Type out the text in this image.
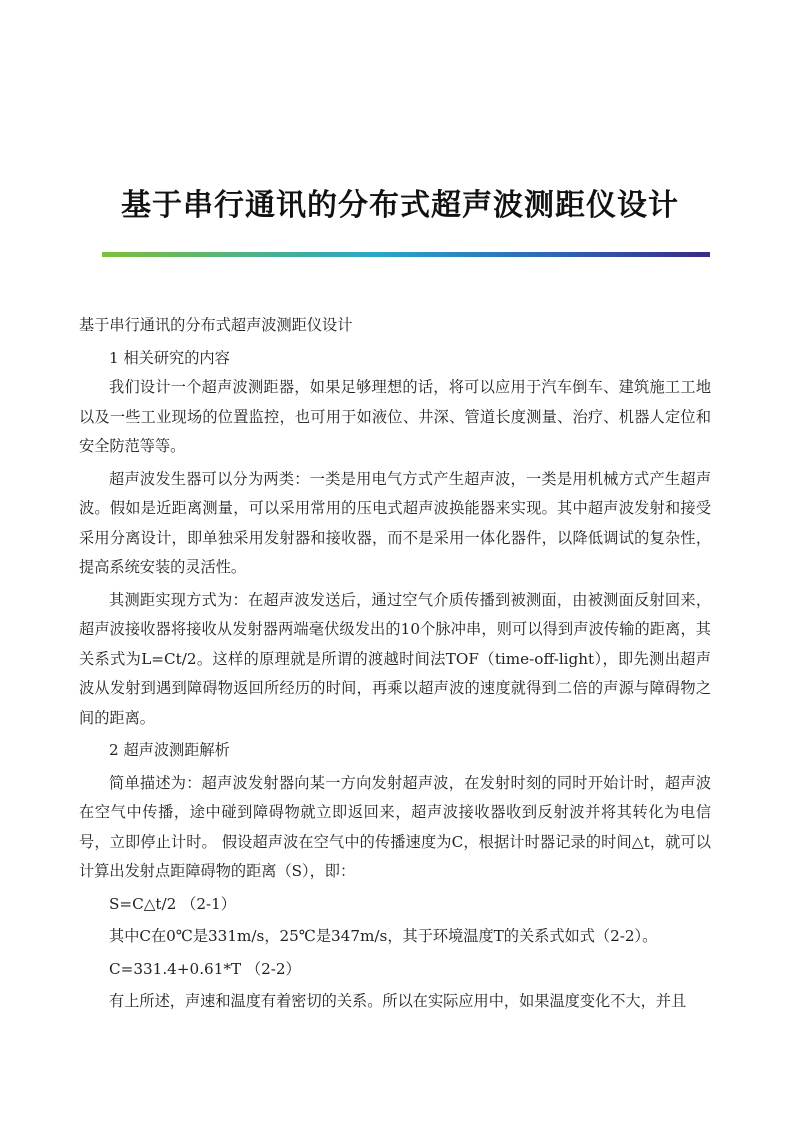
基于串行通讯的分布式超声波测距仪设计

基于串行通讯的分布式超声波测距仪设计

1 相关研究的内容

我们设计一个超声波测距器，如果足够理想的话，将可以应用于汽车倒车、建筑施工工地以及一些工业现场的位置监控，也可用于如液位、井深、管道长度测量、治疗、机器人定位和安全防范等等。

超声波发生器可以分为两类：一类是用电气方式产生超声波，一类是用机械方式产生超声波。假如是近距离测量，可以采用常用的压电式超声波换能器来实现。其中超声波发射和接受采用分离设计，即单独采用发射器和接收器，而不是采用一体化器件，以降低调试的复杂性，提高系统安装的灵活性。

其测距实现方式为：在超声波发送后，通过空气介质传播到被测面，由被测面反射回来，超声波接收器将接收从发射器两端毫伏级发出的10个脉冲串，则可以得到声波传输的距离，其关系式为L=Ct/2。这样的原理就是所谓的渡越时间法TOF（time-off-light），即先测出超声波从发射到遇到障碍物返回所经历的时间，再乘以超声波的速度就得到二倍的声源与障碍物之间的距离。

2 超声波测距解析

简单描述为：超声波发射器向某一方向发射超声波，在发射时刻的同时开始计时，超声波在空气中传播，途中碰到障碍物就立即返回来，超声波接收器收到反射波并将其转化为电信号，立即停止计时。 假设超声波在空气中的传播速度为C，根据计时器记录的时间△t，就可以计算出发射点距障碍物的距离（S），即：

S=C△t/2 （2-1）

其中C在0℃是331m/s，25℃是347m/s，其于环境温度T的关系式如式（2-2）。

C=331.4+0.61*T （2-2）

有上所述，声速和温度有着密切的关系。所以在实际应用中，如果温度变化不大，并且
